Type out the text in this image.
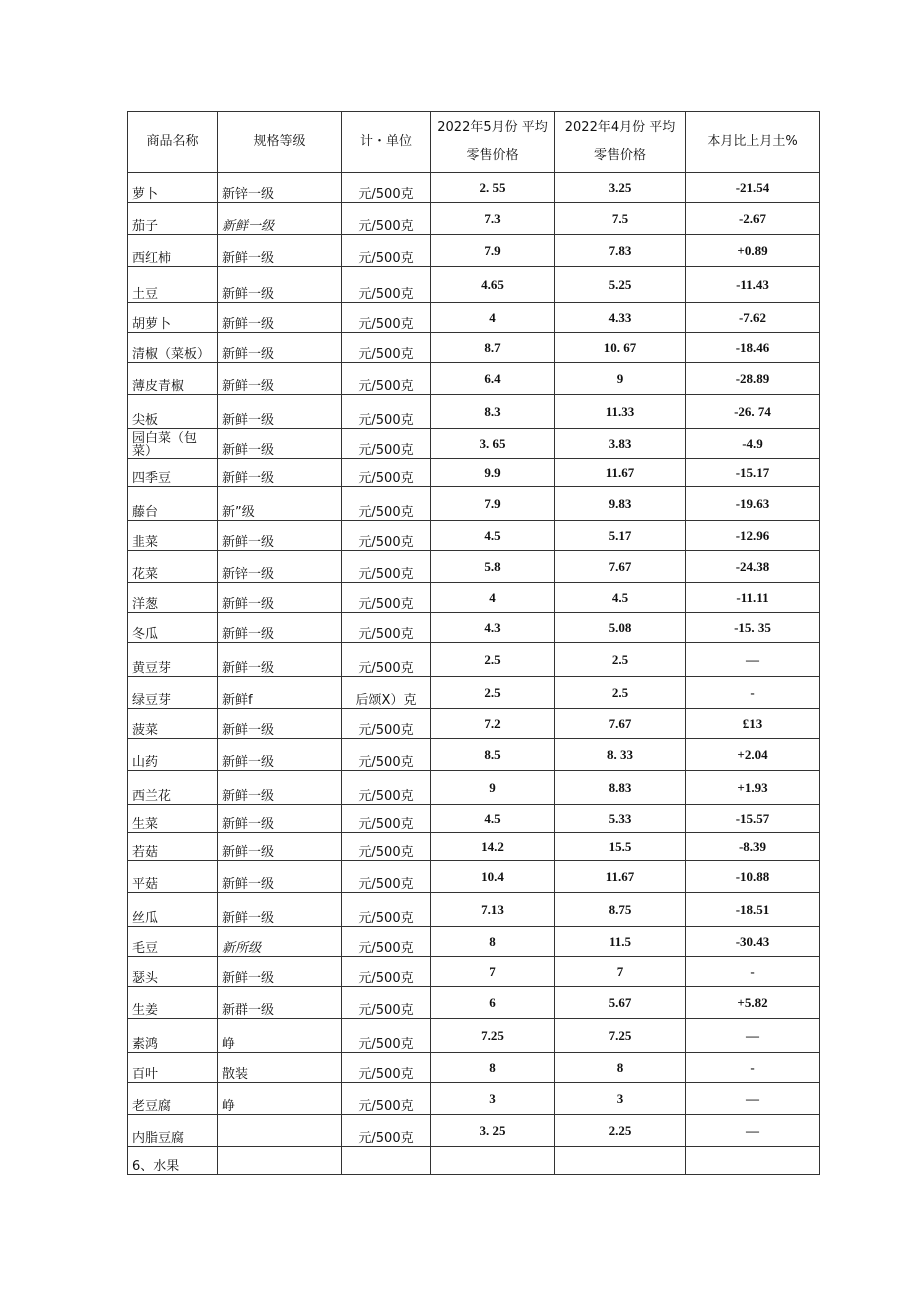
商品名称	规格等级	计・单位	2022年5月份 平均零售价格	2022年4月份 平均零售价格	本月比上月土%
萝卜	新锌一级	元/500克	2. 55	3.25	-21.54
茄子	新鲜一级	元/500克	7.3	7.5	-2.67
西红柿	新鲜一级	元/500克	7.9	7.83	+0.89
土豆	新鲜一级	元/500克	4.65	5.25	-11.43
胡萝卜	新鲜一级	元/500克	4	4.33	-7.62
清椒（菜板）	新鲜一级	元/500克	8.7	10. 67	-18.46
薄皮青椒	新鲜一级	元/500克	6.4	9	-28.89
尖板	新鲜一级	元/500克	8.3	11.33	-26. 74
园白菜（包菜）	新鲜一级	元/500克	3. 65	3.83	-4.9
四季豆	新鲜一级	元/500克	9.9	11.67	-15.17
藤台	新”级	元/500克	7.9	9.83	-19.63
韭菜	新鲜一级	元/500克	4.5	5.17	-12.96
花菜	新锌一级	元/500克	5.8	7.67	-24.38
洋葱	新鲜一级	元/500克	4	4.5	-11.11
冬瓜	新鲜一级	元/500克	4.3	5.08	-15. 35
黄豆芽	新鲜一级	元/500克	2.5	2.5	—
绿豆芽	新鲜f	后颂X）克	2.5	2.5	-
菠菜	新鲜一级	元/500克	7.2	7.67	£13
山药	新鲜一级	元/500克	8.5	8. 33	+2.04
西兰花	新鲜一级	元/500克	9	8.83	+1.93
生菜	新鲜一级	元/500克	4.5	5.33	-15.57
若菇	新鲜一级	元/500克	14.2	15.5	-8.39
平菇	新鲜一级	元/500克	10.4	11.67	-10.88
丝瓜	新鲜一级	元/500克	7.13	8.75	-18.51
毛豆	新所级	元/500克	8	11.5	-30.43
瑟头	新鲜一级	元/500克	7	7	-
生姜	新群一级	元/500克	6	5.67	+5.82
素鸿	峥	元/500克	7.25	7.25	—
百叶	散装	元/500克	8	8	-
老豆腐	峥	元/500克	3	3	—
内脂豆腐		元/500克	3. 25	2.25	—
6、水果					
